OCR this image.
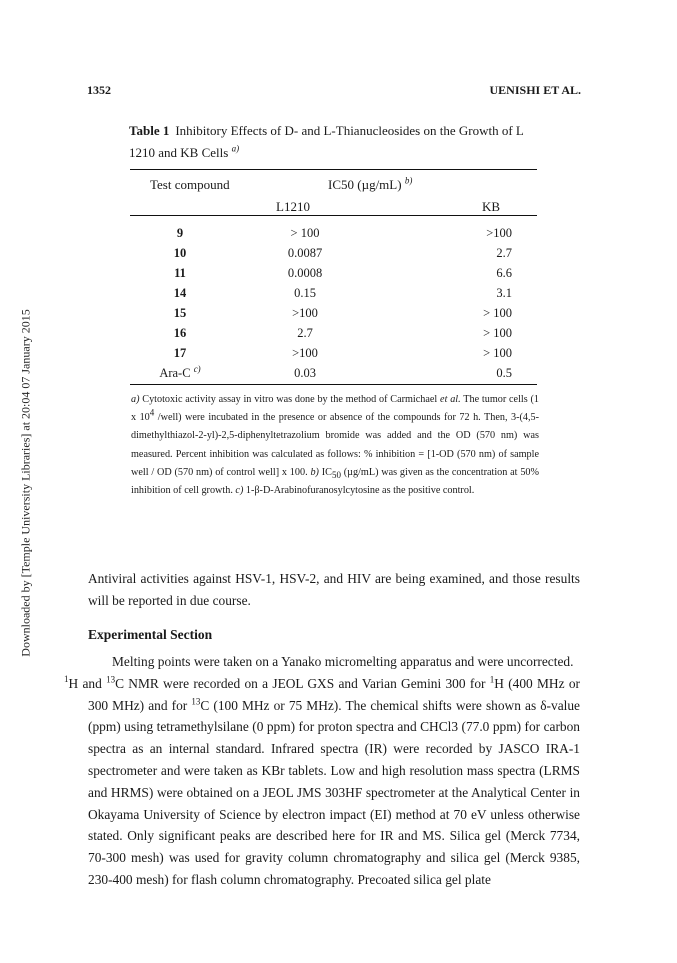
Downloaded by [Temple University Libraries] at 20:04 07 January 2015
1352	UENISHI ET AL.
Table 1 Inhibitory Effects of D- and L-Thianucleosides on the Growth of L 1210 and KB Cells $^{a)}$
Test compound	IC50 (µg/mL) $^{b)}$
L1210	KB
9	> 100	>100
10	0.0087	2.7
11	0.0008	6.6
14	0.15	3.1
15	>100	> 100
16	2.7	> 100
17	>100	> 100
Ara-C $^{c)}$	0.03	0.5
a) Cytotoxic activity assay in vitro was done by the method of Carmichael et al. The tumor cells (1 x $10^4$ /well) were incubated in the presence or absence of the compounds for 72 h. Then, 3-(4,5-dimethylthiazol-2-yl)-2,5-diphenyltetrazolium bromide was added and the OD (570 nm) was measured. Percent inhibition was calculated as follows: % inhibition = [1-OD (570 nm) of sample well / OD (570 nm) of control well] x 100. b) $IC_{50}$ (µg/mL) was given as the concentration at 50% inhibition of cell growth. c) 1-β-D-Arabinofuranosylcytosine as the positive control.
Antiviral activities against HSV-1, HSV-2, and HIV are being examined, and those results will be reported in due course.
Experimental Section
Melting points were taken on a Yanako micromelting apparatus and were uncorrected.
$^1$H and $^{13}$C NMR were recorded on a JEOL GXS and Varian Gemini 300 for $^1$H (400 MHz or 300 MHz) and for $^{13}$C (100 MHz or 75 MHz). The chemical shifts were shown as δ-value (ppm) using tetramethylsilane (0 ppm) for proton spectra and CHCl3 (77.0 ppm) for carbon spectra as an internal standard. Infrared spectra (IR) were recorded by JASCO IRA-1 spectrometer and were taken as KBr tablets. Low and high resolution mass spectra (LRMS and HRMS) were obtained on a JEOL JMS 303HF spectrometer at the Analytical Center in Okayama University of Science by electron impact (EI) method at 70 eV unless otherwise stated. Only significant peaks are described here for IR and MS. Silica gel (Merck 7734, 70-300 mesh) was used for gravity column chromatography and silica gel (Merck 9385, 230-400 mesh) for flash column chromatography. Precoated silica gel plate
